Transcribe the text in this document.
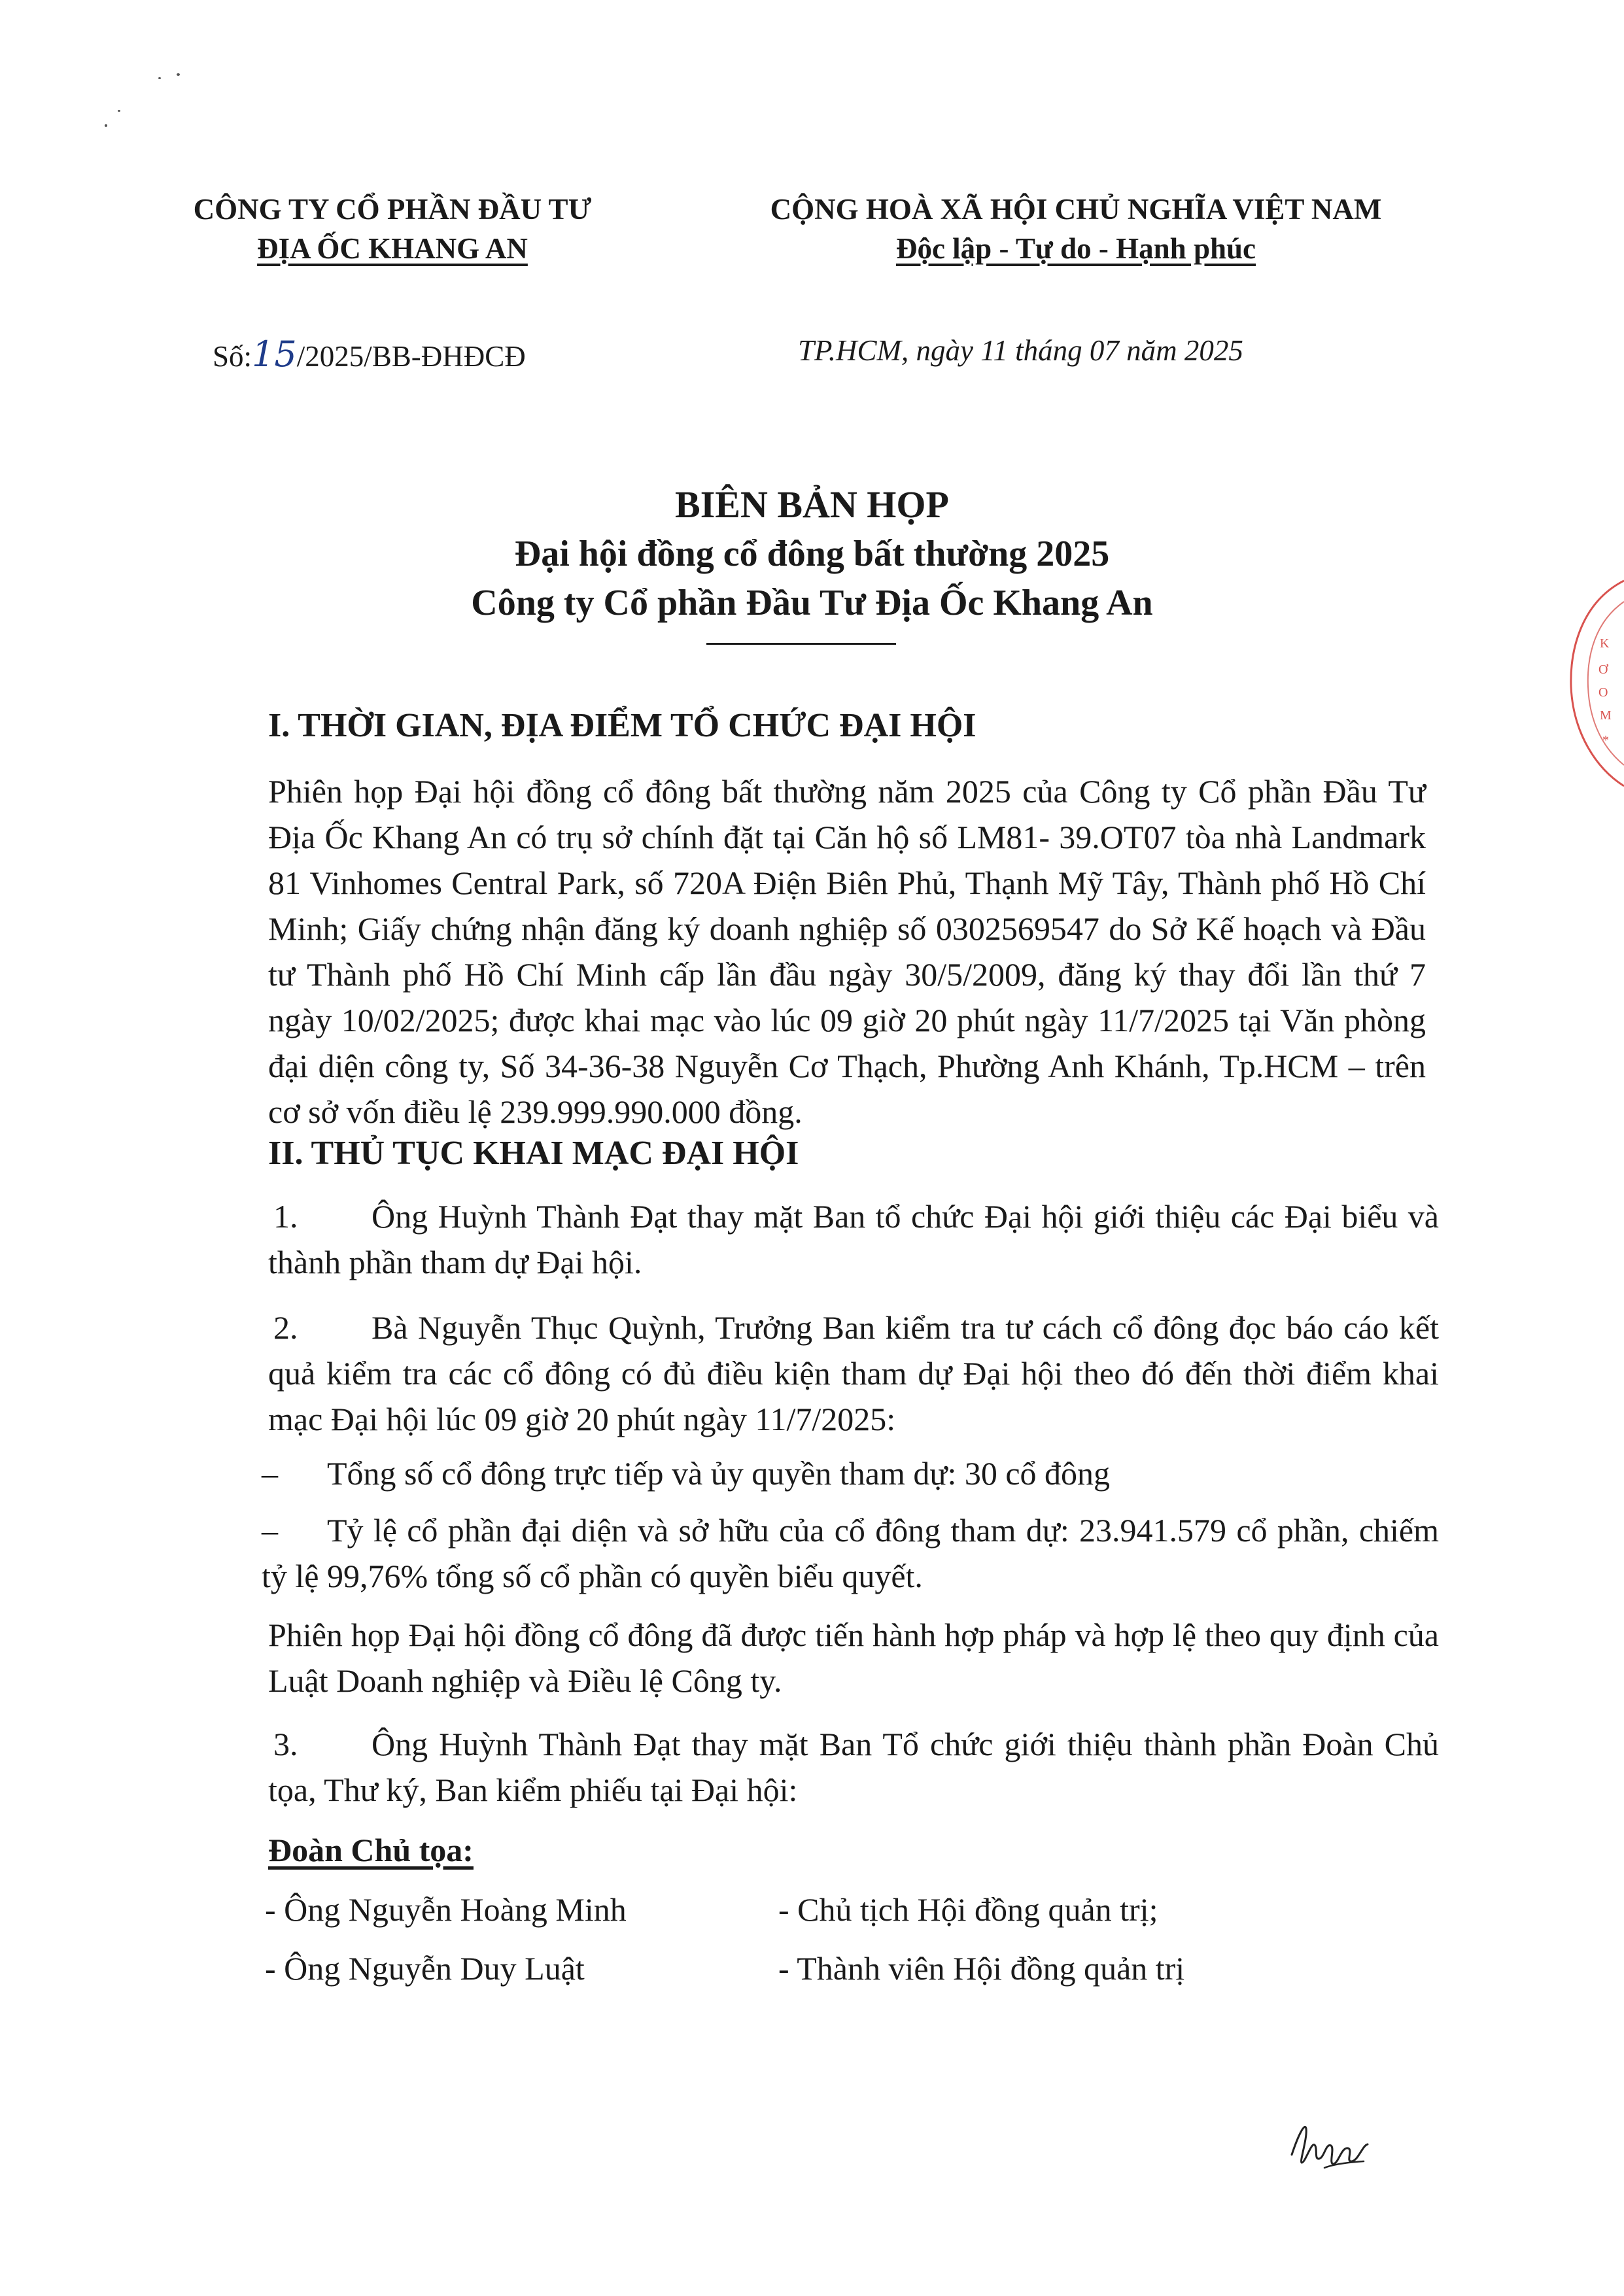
CÔNG TY CỔ PHẦN ĐẦU TƯ
ĐỊA ỐC KHANG AN
CỘNG HOÀ XÃ HỘI CHỦ NGHĨA VIỆT NAM
Độc lập - Tự do - Hạnh phúc
Số:15/2025/BB-ĐHĐCĐ	TP.HCM, ngày 11 tháng 07 năm 2025
BIÊN BẢN HỌP
Đại hội đồng cổ đông bất thường 2025
Công ty Cổ phần Đầu Tư Địa Ốc Khang An
I. THỜI GIAN, ĐỊA ĐIỂM TỔ CHỨC ĐẠI HỘI
Phiên họp Đại hội đồng cổ đông bất thường năm 2025 của Công ty Cổ phần Đầu Tư Địa Ốc Khang An có trụ sở chính đặt tại Căn hộ số LM81- 39.OT07 tòa nhà Landmark 81 Vinhomes Central Park, số 720A Điện Biên Phủ, Thạnh Mỹ Tây, Thành phố Hồ Chí Minh; Giấy chứng nhận đăng ký doanh nghiệp số 0302569547 do Sở Kế hoạch và Đầu tư Thành phố Hồ Chí Minh cấp lần đầu ngày 30/5/2009, đăng ký thay đổi lần thứ 7 ngày 10/02/2025; được khai mạc vào lúc 09 giờ 20 phút ngày 11/7/2025 tại Văn phòng đại diện công ty, Số 34-36-38 Nguyễn Cơ Thạch, Phường Anh Khánh, Tp.HCM – trên cơ sở vốn điều lệ 239.999.990.000 đồng.
II. THỦ TỤC KHAI MẠC ĐẠI HỘI
1. Ông Huỳnh Thành Đạt thay mặt Ban tổ chức Đại hội giới thiệu các Đại biểu và thành phần tham dự Đại hội.
2. Bà Nguyễn Thục Quỳnh, Trưởng Ban kiểm tra tư cách cổ đông đọc báo cáo kết quả kiểm tra các cổ đông có đủ điều kiện tham dự Đại hội theo đó đến thời điểm khai mạc Đại hội lúc 09 giờ 20 phút ngày 11/7/2025:
– Tổng số cổ đông trực tiếp và ủy quyền tham dự: 30 cổ đông
– Tỷ lệ cổ phần đại diện và sở hữu của cổ đông tham dự: 23.941.579 cổ phần, chiếm tỷ lệ 99,76% tổng số cổ phần có quyền biểu quyết.
Phiên họp Đại hội đồng cổ đông đã được tiến hành hợp pháp và hợp lệ theo quy định của Luật Doanh nghiệp và Điều lệ Công ty.
3. Ông Huỳnh Thành Đạt thay mặt Ban Tổ chức giới thiệu thành phần Đoàn Chủ tọa, Thư ký, Ban kiểm phiếu tại Đại hội:
Đoàn Chủ tọa:
- Ông Nguyễn Hoàng Minh	- Chủ tịch Hội đồng quản trị;
- Ông Nguyễn Duy Luật	- Thành viên Hội đồng quản trị
K
Ơ
O
M
*
